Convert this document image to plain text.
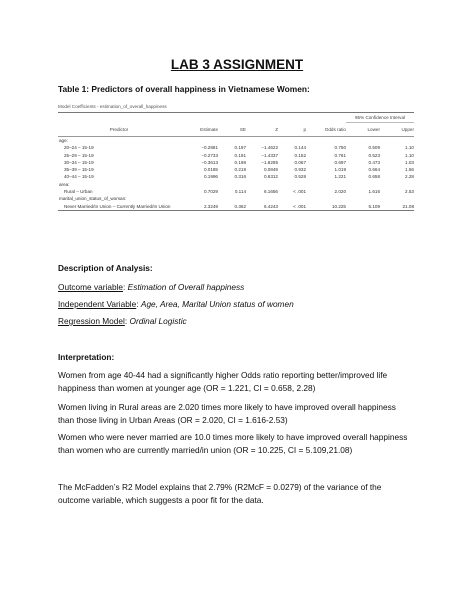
LAB 3 ASSIGNMENT
Table 1: Predictors of overall happiness in Vietnamese Women:
Model Coefficients - estimation_of_overall_happiness
						95% Confidence Interval	
Predictor	Estimate	SE	Z	p	Odds ratio	Lower	Upper
age:							
20–24 – 15-19	−0.2881	0.197	−1.4622	0.144	0.750	0.509	1.10
25–29 – 15-19	−0.2733	0.191	−1.4337	0.152	0.761	0.523	1.10
30–34 – 15-19	−0.3613	0.198	−1.8285	0.067	0.697	0.473	1.03
35–39 – 15-19	0.0185	0.218	0.0849	0.932	1.019	0.664	1.56
40–44 – 15-19	0.1996	0.316	0.6312	0.528	1.221	0.658	2.28
area:							
Rural – Urban	0.7029	0.114	6.1656	< .001	2.020	1.616	2.53
marital_union_status_of_woman:							
Never Married/In Union – Currently Married/In Union	2.3249	0.362	6.4243	< .001	10.225	5.109	21.08
Description of Analysis:
Outcome variable: Estimation of Overall happiness
Independent Variable: Age, Area, Marital Union status of women
Regression Model: Ordinal Logistic
Interpretation:
Women from age 40-44 had a significantly higher Odds ratio reporting better/improved life
happiness than women at younger age (OR = 1.221, CI = 0.658, 2.28)
Women living in Rural areas are 2.020 times more likely to have improved overall happiness
than those living in Urban Areas (OR = 2.020, CI = 1.616-2.53)
Women who were never married are 10.0 times more likely to have improved overall happiness
than women who are currently married/in union (OR = 10.225, CI = 5.109,21.08)
The McFadden’s R2 Model explains that 2.79% (R2McF = 0.0279) of the variance of the
outcome variable, which suggests a poor fit for the data.
